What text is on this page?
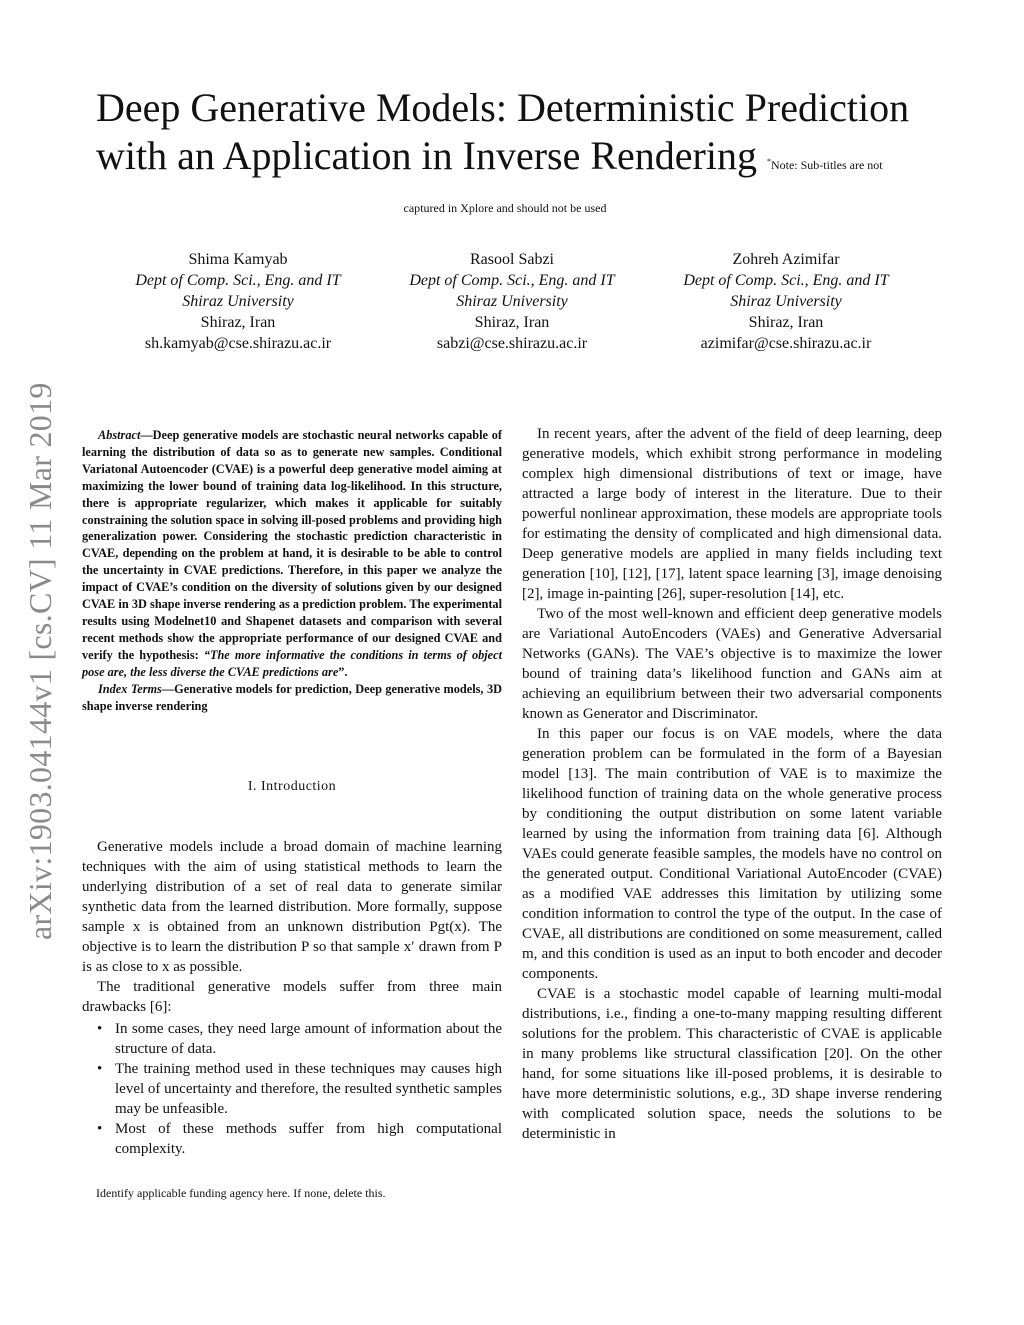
Deep Generative Models: Deterministic Prediction
with an Application in Inverse Rendering *Note: Sub-titles are not
captured in Xplore and should not be used
Shima Kamyab
Dept of Comp. Sci., Eng. and IT
Shiraz University
Shiraz, Iran
sh.kamyab@cse.shirazu.ac.ir
Rasool Sabzi
Dept of Comp. Sci., Eng. and IT
Shiraz University
Shiraz, Iran
sabzi@cse.shirazu.ac.ir
Zohreh Azimifar
Dept of Comp. Sci., Eng. and IT
Shiraz University
Shiraz, Iran
azimifar@cse.shirazu.ac.ir
arXiv:1903.04144v1 [cs.CV] 11 Mar 2019	Abstract—Deep generative models are stochastic neural networks capable of learning the distribution of data so as to generate new samples. Conditional Variatonal Autoencoder (CVAE) is a powerful deep generative model aiming at maximizing the lower bound of training data log-likelihood. In this structure, there is appropriate regularizer, which makes it applicable for suitably constraining the solution space in solving ill-posed problems and providing high generalization power. Considering the stochastic prediction characteristic in CVAE, depending on the problem at hand, it is desirable to be able to control the uncertainty in CVAE predictions. Therefore, in this paper we analyze the impact of CVAE’s condition on the diversity of solutions given by our designed CVAE in 3D shape inverse rendering as a prediction problem. The experimental results using Modelnet10 and Shapenet datasets and comparison with several recent methods show the appropriate performance of our designed CVAE and verify the hypothesis: “The more informative the conditions in terms of object pose are, the less diverse the CVAE predictions are”.

Index Terms—Generative models for prediction, Deep generative models, 3D shape inverse rendering

I. Introduction

Generative models include a broad domain of machine learning techniques with the aim of using statistical methods to learn the underlying distribution of a set of real data to generate similar synthetic data from the learned distribution. More formally, suppose sample x is obtained from an unknown distribution Pgt(x). The objective is to learn the distribution P so that sample x′ drawn from P is as close to x as possible.

The traditional generative models suffer from three main drawbacks [6]:

• In some cases, they need large amount of information about the structure of data.
• The training method used in these techniques may causes high level of uncertainty and therefore, the resulted synthetic samples may be unfeasible.
• Most of these methods suffer from high computational complexity.
Identify applicable funding agency here. If none, delete this.

In recent years, after the advent of the field of deep learning, deep generative models, which exhibit strong performance in modeling complex high dimensional distributions of text or image, have attracted a large body of interest in the literature. Due to their powerful nonlinear approximation, these models are appropriate tools for estimating the density of complicated and high dimensional data. Deep generative models are applied in many fields including text generation [10], [12], [17], latent space learning [3], image denoising [2], image in-painting [26], super-resolution [14], etc.

Two of the most well-known and efficient deep generative models are Variational AutoEncoders (VAEs) and Generative Adversarial Networks (GANs). The VAE’s objective is to maximize the lower bound of training data’s likelihood function and GANs aim at achieving an equilibrium between their two adversarial components known as Generator and Discriminator.

In this paper our focus is on VAE models, where the data generation problem can be formulated in the form of a Bayesian model [13]. The main contribution of VAE is to maximize the likelihood function of training data on the whole generative process by conditioning the output distribution on some latent variable learned by using the information from training data [6]. Although VAEs could generate feasible samples, the models have no control on the generated output. Conditional Variational AutoEncoder (CVAE) as a modified VAE addresses this limitation by utilizing some condition information to control the type of the output. In the case of CVAE, all distributions are conditioned on some measurement, called m, and this condition is used as an input to both encoder and decoder components.

CVAE is a stochastic model capable of learning multi-modal distributions, i.e., finding a one-to-many mapping resulting different solutions for the problem. This characteristic of CVAE is applicable in many problems like structural classification [20]. On the other hand, for some situations like ill-posed problems, it is desirable to have more deterministic solutions, e.g., 3D shape inverse rendering with complicated solution space, needs the solutions to be deterministic in
